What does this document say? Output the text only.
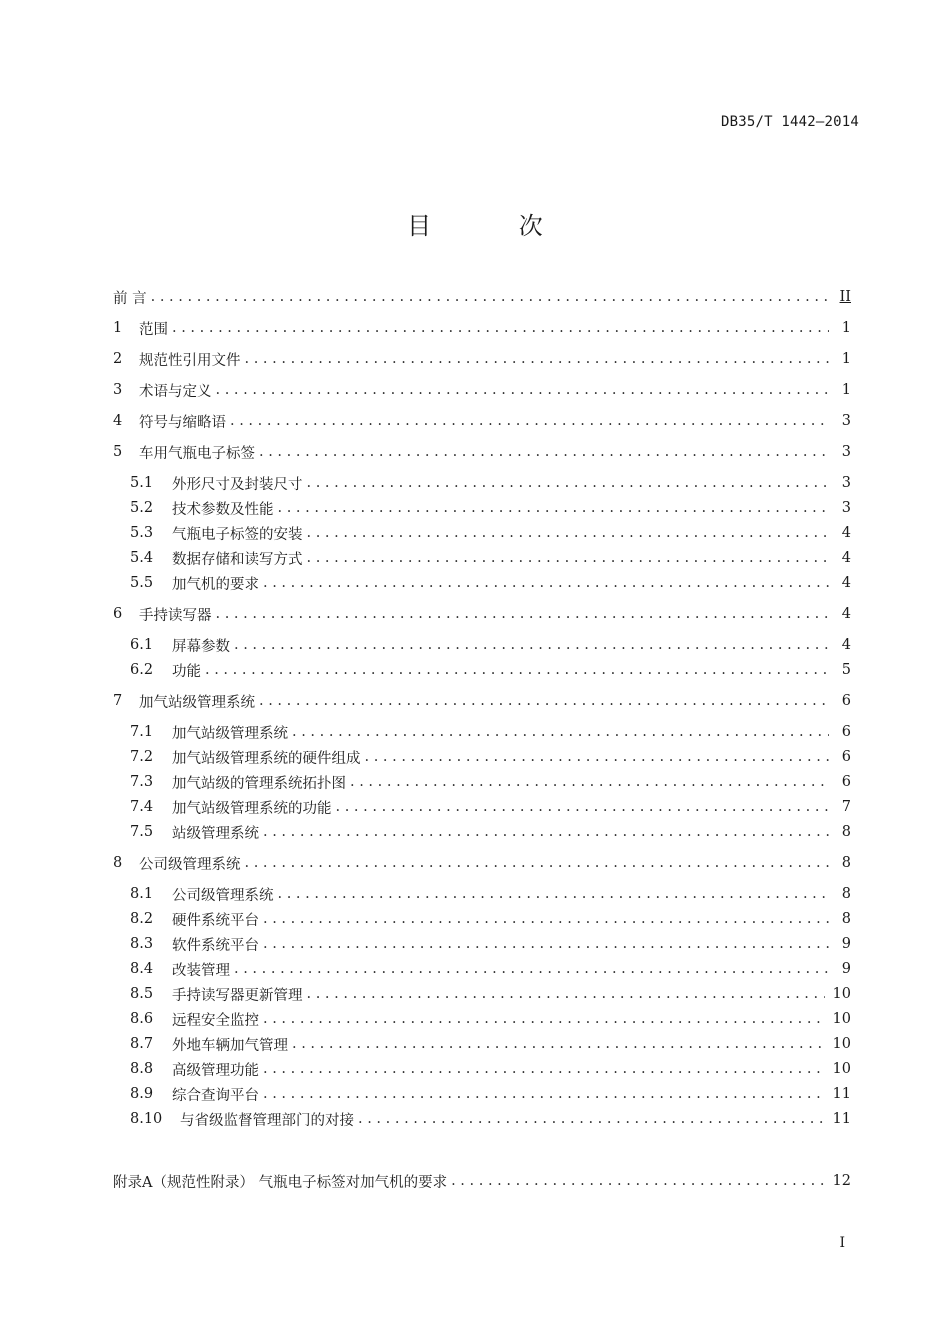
DB35/T 1442—2014
目 次
前 言 . . .	II
1	范围 . . .	1
2	规范性引用文件 . . .	1
3	术语与定义 . . .	1
4	符号与缩略语 . . .	3
5	车用气瓶电子标签 . . .	3
5.1	外形尺寸及封装尺寸 . . .	3
5.2	技术参数及性能 . . .	3
5.3	气瓶电子标签的安装 . . .	4
5.4	数据存储和读写方式 . . .	4
5.5	加气机的要求 . . .	4
6	手持读写器 . . .	4
6.1	屏幕参数 . . .	4
6.2	功能 . . .	5
7	加气站级管理系统 . . .	6
7.1	加气站级管理系统 . . .	6
7.2	加气站级管理系统的硬件组成 . . .	6
7.3	加气站级的管理系统拓扑图 . . .	6
7.4	加气站级管理系统的功能 . . .	7
7.5	站级管理系统 . . .	8
8	公司级管理系统 . . .	8
8.1	公司级管理系统 . . .	8
8.2	硬件系统平台 . . .	8
8.3	软件系统平台 . . .	9
8.4	改装管理 . . .	9
8.5	手持读写器更新管理 . . .	10
8.6	远程安全监控 . . .	10
8.7	外地车辆加气管理 . . .	10
8.8	高级管理功能 . . .	10
8.9	综合查询平台 . . .	11
8.10	与省级监督管理部门的对接 . . .	11
附录A（规范性附录） 气瓶电子标签对加气机的要求 . . .	12
I
